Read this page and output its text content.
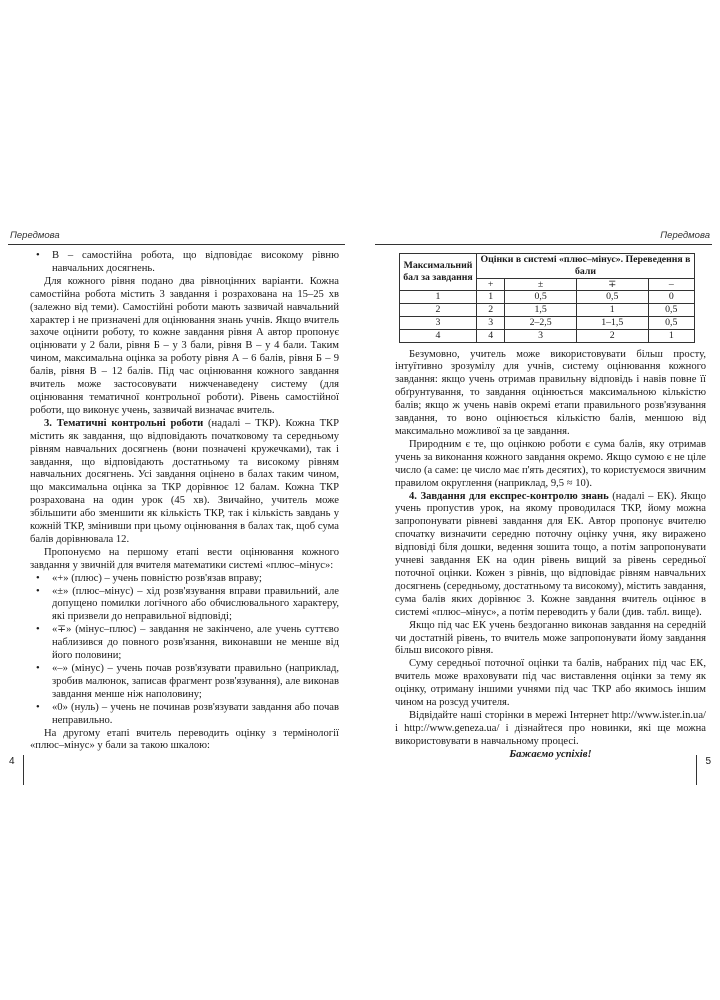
Передмова
• В – самостійна робота, що відповідає високому рівню навчальних досягнень.

Для кожного рівня подано два рівноцінних варіанти. Кожна самостійна робота містить 3 завдання і розрахована на 15–25 хв (залежно від теми). Самостійні роботи мають зазвичай навчальний характер і не призначені для оцінювання знань учнів. Якщо вчитель захоче оцінити роботу, то кожне завдання рівня А автор пропонує оцінювати у 2 бали, рівня Б – у 3 бали, рівня В – у 4 бали. Таким чином, максимальна оцінка за роботу рівня А – 6 балів, рівня Б – 9 балів, рівня В – 12 балів. Під час оцінювання кожного завдання вчитель може застосовувати нижченаведену систему (для оцінювання тематичної контрольної роботи). Рівень самостійної роботи, що виконує учень, зазвичай визначає вчитель.

3. Тематичні контрольні роботи (надалі – ТКР). Кожна ТКР містить як завдання, що відповідають початковому та середньому рівням навчальних досягнень (вони позначені кружечками), так і завдання, що відповідають достатньому та високому рівням навчальних досягнень. Усі завдання оцінено в балах таким чином, що максимальна оцінка за ТКР дорівнює 12 балам. Кожна ТКР розрахована на один урок (45 хв). Звичайно, учитель може збільшити або зменшити як кількість ТКР, так і кількість завдань у кожній ТКР, змінивши при цьому оцінювання в балах так, щоб сума балів дорівнювала 12.

Пропонуємо на першому етапі вести оцінювання кожного завдання у звичній для вчителя математики системі «плюс–мінус»:

• «+» (плюс) – учень повністю розв'язав вправу;
• «±» (плюс–мінус) – хід розв'язування вправи правильний, але допущено помилки логічного або обчислювального характеру, які призвели до неправильної відповіді;
• «∓» (мінус–плюс) – завдання не закінчено, але учень суттєво наблизився до повного розв'язання, виконавши не менше від його половини;
• «–» (мінус) – учень почав розв'язувати правильно (наприклад, зробив малюнок, записав фрагмент розв'язування), але виконав завдання менше ніж наполовину;
• «0» (нуль) – учень не починав розв'язувати завдання або почав неправильно.

На другому етапі вчитель переводить оцінку з термінології «плюс–мінус» у бали за такою шкалою:

4
Передмова
Максимальний бал за завдання	Оцінки в системі «плюс–мінус». Переведення в бали			
	+	±	∓	–
1	1	0,5	0,5	0
2	2	1,5	1	0,5
3	3	2–2,5	1–1,5	0,5
4	4	3	2	1

Безумовно, учитель може використовувати більш просту, інтуїтивно зрозумілу для учнів, систему оцінювання кожного завдання: якщо учень отримав правильну відповідь і навів повне її обґрунтування, то завдання оцінюється максимальною кількістю балів; якщо ж учень навів окремі етапи правильного розв'язування завдання, то воно оцінюється кількістю балів, меншою від максимально можливої за це завдання.

Природним є те, що оцінкою роботи є сума балів, яку отримав учень за виконання кожного завдання окремо. Якщо сумою є не ціле число (а саме: це число має п'ять десятих), то користуємося звичним правилом округлення (наприклад, 9,5 ≈ 10).

4. Завдання для експрес-контролю знань (надалі – ЕК). Якщо учень пропустив урок, на якому проводилася ТКР, йому можна запропонувати рівневі завдання для ЕК. Автор пропонує вчителю спочатку визначити середню поточну оцінку учня, яку виражено відповіді біля дошки, ведення зошита тощо, а потім запропонувати учневі завдання ЕК на один рівень вищий за рівень середньої поточної оцінки. Кожен з рівнів, що відповідає рівням навчальних досягнень (середньому, достатньому та високому), містить завдання, сума балів яких дорівнює 3. Кожне завдання вчитель оцінює в системі «плюс–мінус», а потім переводить у бали (див. табл. вище).

Якщо під час ЕК учень бездоганно виконав завдання на середній чи достатній рівень, то вчитель може запропонувати йому завдання більш високого рівня.

Суму середньої поточної оцінки та балів, набраних під час ЕК, вчитель може враховувати під час виставлення оцінки за тему як оцінку, отриману іншими учнями під час ТКР або якимось іншим чином на розсуд учителя.

Відвідайте наші сторінки в мережі Інтернет http://www.ister.in.ua/ і http://www.geneza.ua/ і дізнайтеся про новинки, які ще можна використовувати в навчальному процесі.

Бажаємо успіхів!

5
